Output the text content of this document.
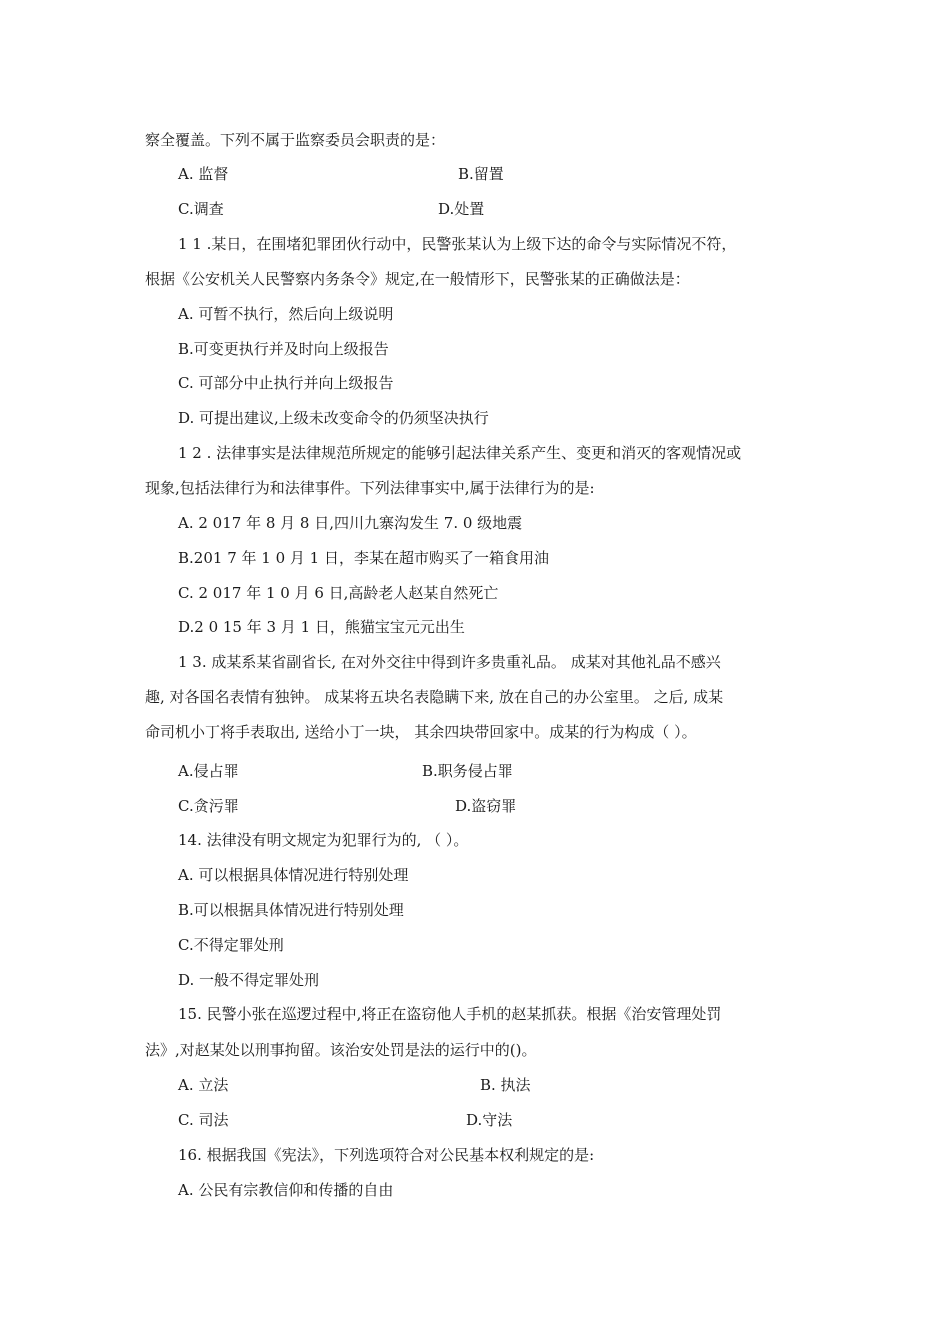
察全覆盖。下列不属于监察委员会职责的是：
A. 监督	B.留置
C.调查	D.处置
1 1 .某日，在围堵犯罪团伙行动中，民警张某认为上级下达的命令与实际情况不符，
根据《公安机关人民警察内务条令》规定,在一般情形下，民警张某的正确做法是：
A. 可暂不执行，然后向上级说明
B.可变更执行并及时向上级报告
C. 可部分中止执行并向上级报告
D. 可提出建议,上级未改变命令的仍须坚决执行
1 2 . 法律事实是法律规范所规定的能够引起法律关系产生、变更和消灭的客观情况或
现象,包括法律行为和法律事件。下列法律事实中,属于法律行为的是:
A. 2 017 年 8 月 8 日,四川九寨沟发生 7. 0 级地震
B.201 7 年 1 0 月 1 日，李某在超市购买了一箱食用油
C. 2 017 年 1 0 月 6 日,高龄老人赵某自然死亡
D.2 0 15 年 3 月 1 日，熊猫宝宝元元出生
1 3. 成某系某省副省长, 在对外交往中得到许多贵重礼品。 成某对其他礼品不感兴
趣, 对各国名表情有独钟。 成某将五块名表隐瞒下来, 放在自己的办公室里。 之后, 成某
命司机小丁将手表取出, 送给小丁一块， 其余四块带回家中。成某的行为构成（ ）。
A.侵占罪	B.职务侵占罪
C.贪污罪	D.盗窃罪
14. 法律没有明文规定为犯罪行为的, （ ）。
A. 可以根据具体情况进行特别处理
B.可以根据具体情况进行特别处理
C.不得定罪处刑
D. 一般不得定罪处刑
15. 民警小张在巡逻过程中,将正在盗窃他人手机的赵某抓获。根据《治安管理处罚
法》,对赵某处以刑事拘留。该治安处罚是法的运行中的()。
A. 立法	B. 执法
C. 司法	D.守法
16. 根据我国《宪法》，下列选项符合对公民基本权利规定的是:
A. 公民有宗教信仰和传播的自由
